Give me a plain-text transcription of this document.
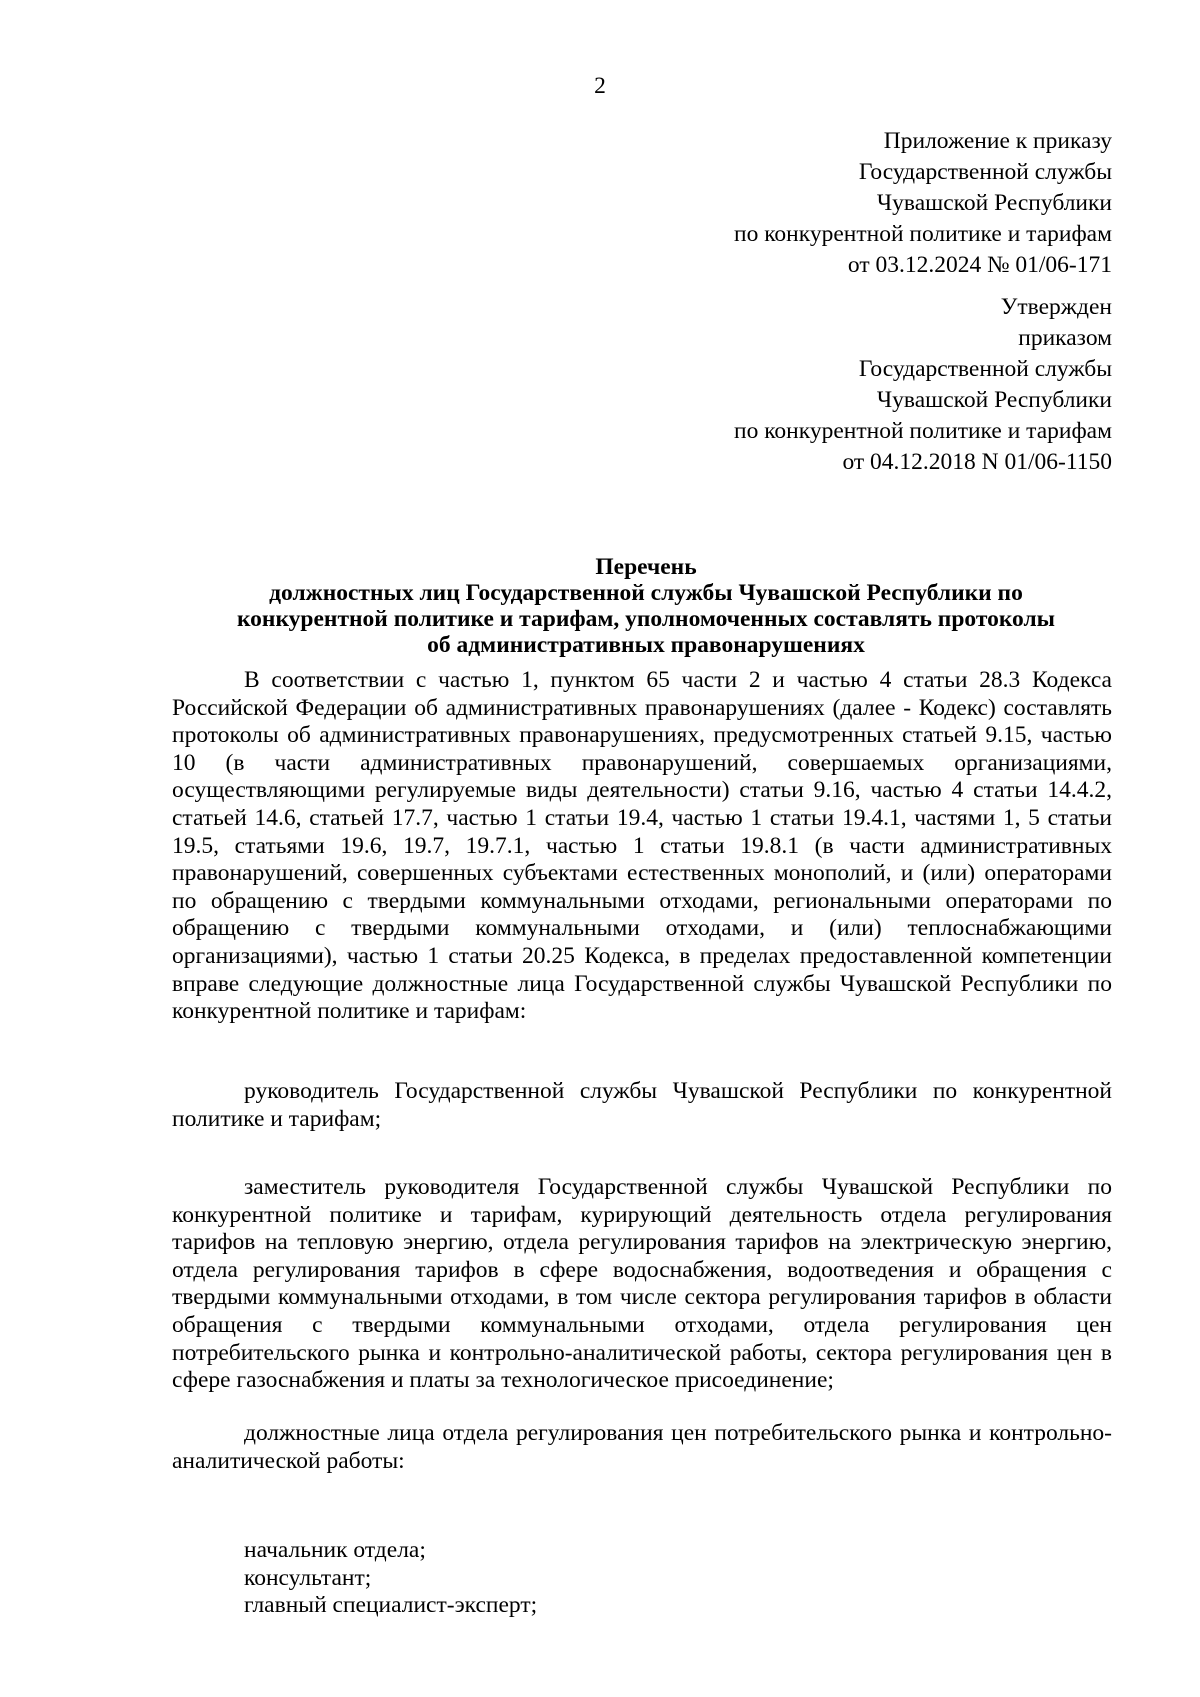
2
Приложение к приказу
Государственной службы
Чувашской Республики
по конкурентной политике и тарифам
от 03.12.2024 № 01/06-171
Утвержден
приказом
Государственной службы
Чувашской Республики
по конкурентной политике и тарифам
от 04.12.2018 N 01/06-1150
Перечень
должностных лиц Государственной службы Чувашской Республики по
конкурентной политике и тарифам, уполномоченных составлять протоколы
об административных правонарушениях

В соответствии с частью 1, пунктом 65 части 2 и частью 4 статьи 28.3 Кодекса Российской Федерации об административных правонарушениях (далее - Кодекс) составлять протоколы об административных правонарушениях, предусмотренных статьей 9.15, частью 10 (в части административных правонарушений, совершаемых организациями, осуществляющими регулируемые виды деятельности) статьи 9.16, частью 4 статьи 14.4.2, статьей 14.6, статьей 17.7, частью 1 статьи 19.4, частью 1 статьи 19.4.1, частями 1, 5 статьи 19.5, статьями 19.6, 19.7, 19.7.1, частью 1 статьи 19.8.1 (в части административных правонарушений, совершенных субъектами естественных монополий, и (или) операторами по обращению с твердыми коммунальными отходами, региональными операторами по обращению с твердыми коммунальными отходами, и (или) теплоснабжающими организациями), частью 1 статьи 20.25 Кодекса, в пределах предоставленной компетенции вправе следующие должностные лица Государственной службы Чувашской Республики по конкурентной политике и тарифам:

руководитель Государственной службы Чувашской Республики по конкурентной политике и тарифам;

заместитель руководителя Государственной службы Чувашской Республики по конкурентной политике и тарифам, курирующий деятельность отдела регулирования тарифов на тепловую энергию, отдела регулирования тарифов на электрическую энергию, отдела регулирования тарифов в сфере водоснабжения, водоотведения и обращения с твердыми коммунальными отходами, в том числе сектора регулирования тарифов в области обращения с твердыми коммунальными отходами, отдела регулирования цен потребительского рынка и контрольно-аналитической работы, сектора регулирования цен в сфере газоснабжения и платы за технологическое присоединение;

должностные лица отдела регулирования цен потребительского рынка и контрольно-аналитической работы:

начальник отдела;
консультант;
главный специалист-эксперт;
